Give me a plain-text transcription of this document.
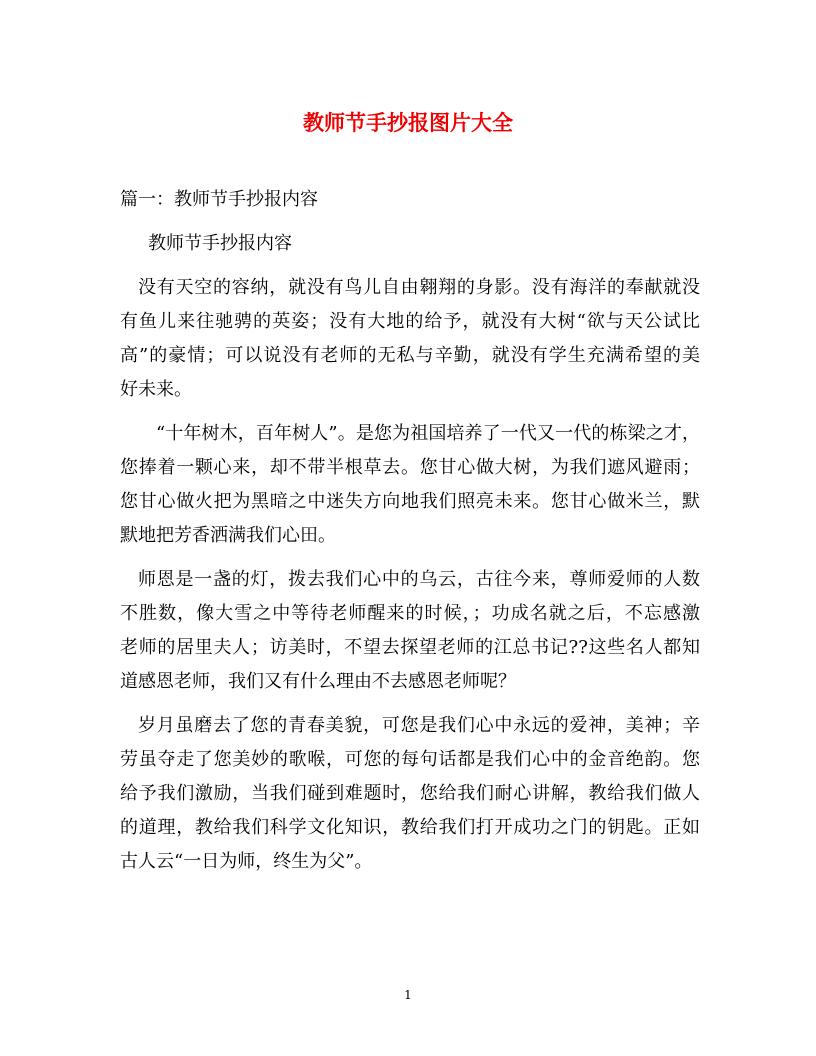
教师节手抄报图片大全
篇一：教师节手抄报内容
教师节手抄报内容
没有天空的容纳，就没有鸟儿自由翱翔的身影。没有海洋的奉献就没
有鱼儿来往驰骋的英姿；没有大地的给予，就没有大树“欲与天公试比
高”的豪情；可以说没有老师的无私与辛勤，就没有学生充满希望的美
好未来。
“十年树木，百年树人”。是您为祖国培养了一代又一代的栋梁之才，
您捧着一颗心来，却不带半根草去。您甘心做大树，为我们遮风避雨；
您甘心做火把为黑暗之中迷失方向地我们照亮未来。您甘心做米兰，默
默地把芳香洒满我们心田。
师恩是一盏的灯，拨去我们心中的乌云，古往今来，尊师爱师的人数
不胜数，像大雪之中等待老师醒来的时候，；功成名就之后，不忘感激
老师的居里夫人；访美时，不望去探望老师的江总书记??这些名人都知
道感恩老师，我们又有什么理由不去感恩老师呢？
岁月虽磨去了您的青春美貌，可您是我们心中永远的爱神，美神；辛
劳虽夺走了您美妙的歌喉，可您的每句话都是我们心中的金音绝韵。您
给予我们激励，当我们碰到难题时，您给我们耐心讲解，教给我们做人
的道理，教给我们科学文化知识，教给我们打开成功之门的钥匙。正如
古人云“一日为师，终生为父”。
1
